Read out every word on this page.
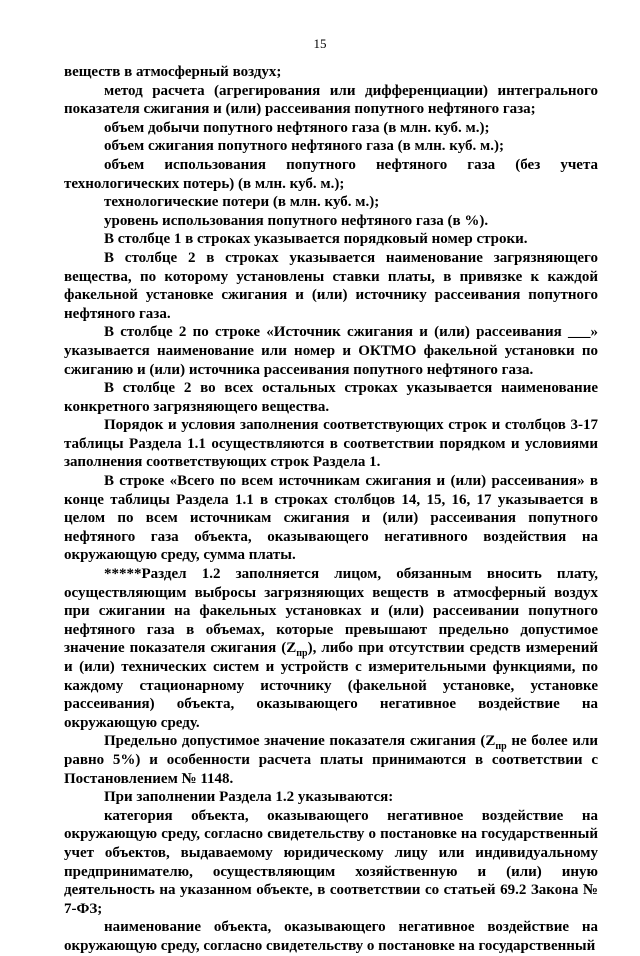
15

веществ в атмосферный воздух;

метод расчета (агрегирования или дифференциации) интегрального показателя сжигания и (или) рассеивания попутного нефтяного газа;

объем добычи попутного нефтяного газа (в млн. куб. м.);

объем сжигания попутного нефтяного газа (в млн. куб. м.);

объем использования попутного нефтяного газа (без учета технологических потерь) (в млн. куб. м.);

технологические потери (в млн. куб. м.);

уровень использования попутного нефтяного газа (в %).

В столбце 1 в строках указывается порядковый номер строки.

В столбце 2 в строках указывается наименование загрязняющего вещества, по которому установлены ставки платы, в привязке к каждой факельной установке сжигания и (или) источнику рассеивания попутного нефтяного газа.

В столбце 2 по строке «Источник сжигания и (или) рассеивания ___» указывается наименование или номер и ОКТМО факельной установки по сжиганию и (или) источника рассеивания попутного нефтяного газа.

В столбце 2 во всех остальных строках указывается наименование конкретного загрязняющего вещества.

Порядок и условия заполнения соответствующих строк и столбцов 3-17 таблицы Раздела 1.1 осуществляются в соответствии порядком и условиями заполнения соответствующих строк Раздела 1.

В строке «Всего по всем источникам сжигания и (или) рассеивания» в конце таблицы Раздела 1.1 в строках столбцов 14, 15, 16, 17 указывается в целом по всем источникам сжигания и (или) рассеивания попутного нефтяного газа объекта, оказывающего негативного воздействия на окружающую среду, сумма платы.

*****Раздел 1.2 заполняется лицом, обязанным вносить плату, осуществляющим выбросы загрязняющих веществ в атмосферный воздух при сжигании на факельных установках и (или) рассеивании попутного нефтяного газа в объемах, которые превышают предельно допустимое значение показателя сжигания $(Z_{пр})$, либо при отсутствии средств измерений и (или) технических систем и устройств с измерительными функциями, по каждому стационарному источнику (факельной установке, установке рассеивания) объекта, оказывающего негативное воздействие на окружающую среду.

Предельно допустимое значение показателя сжигания ($Z_{пр}$ не более или равно 5%) и особенности расчета платы принимаются в соответствии с Постановлением № 1148.

При заполнении Раздела 1.2 указываются:

категория объекта, оказывающего негативное воздействие на окружающую среду, согласно свидетельству о постановке на государственный учет объектов, выдаваемому юридическому лицу или индивидуальному предпринимателю, осуществляющим хозяйственную и (или) иную деятельность на указанном объекте, в соответствии со статьей 69.2 Закона № 7-ФЗ;

наименование объекта, оказывающего негативное воздействие на окружающую среду, согласно свидетельству о постановке на государственный
